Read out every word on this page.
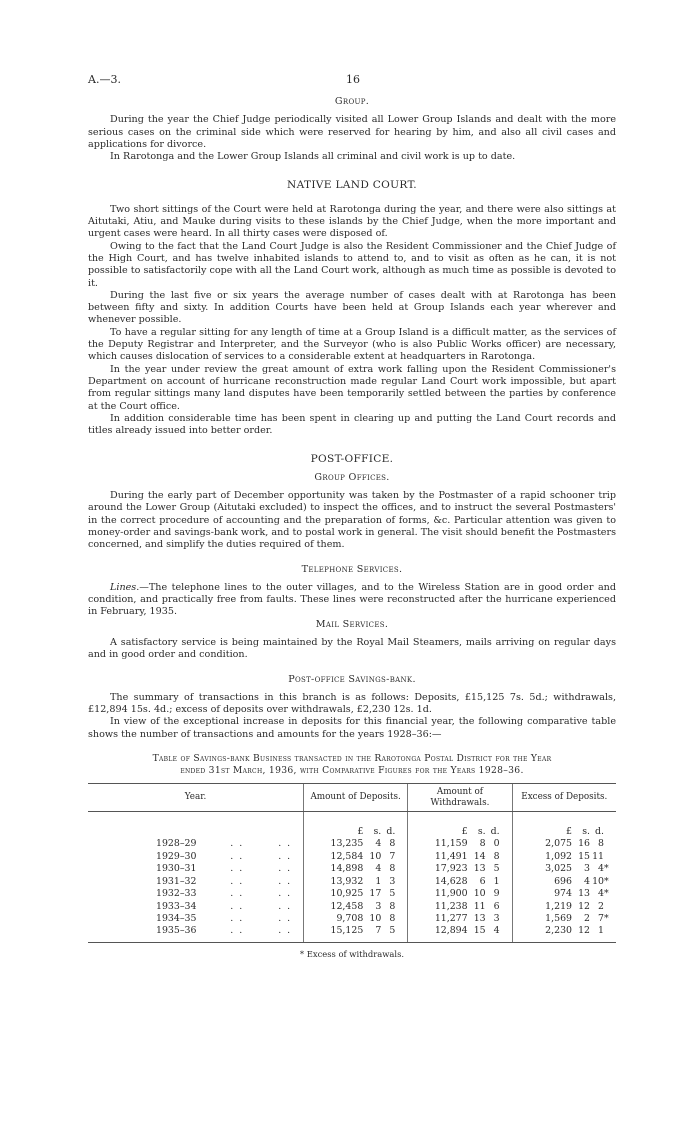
A.—3.	16
Group.

During the year the Chief Judge periodically visited all Lower Group Islands and dealt with the more serious cases on the criminal side which were reserved for hearing by him, and also all civil cases and applications for divorce.

In Rarotonga and the Lower Group Islands all criminal and civil work is up to date.

NATIVE LAND COURT.

Two short sittings of the Court were held at Rarotonga during the year, and there were also sittings at Aitutaki, Atiu, and Mauke during visits to these islands by the Chief Judge, when the more important and urgent cases were heard. In all thirty cases were disposed of.

Owing to the fact that the Land Court Judge is also the Resident Commissioner and the Chief Judge of the High Court, and has twelve inhabited islands to attend to, and to visit as often as he can, it is not possible to satisfactorily cope with all the Land Court work, although as much time as possible is devoted to it.

During the last five or six years the average number of cases dealt with at Rarotonga has been between fifty and sixty. In addition Courts have been held at Group Islands each year wherever and whenever possible.

To have a regular sitting for any length of time at a Group Island is a difficult matter, as the services of the Deputy Registrar and Interpreter, and the Surveyor (who is also Public Works officer) are necessary, which causes dislocation of services to a considerable extent at headquarters in Rarotonga.

In the year under review the great amount of extra work falling upon the Resident Commissioner's Department on account of hurricane reconstruction made regular Land Court work impossible, but apart from regular sittings many land disputes have been temporarily settled between the parties by conference at the Court office.

In addition considerable time has been spent in clearing up and putting the Land Court records and titles already issued into better order.

POST-OFFICE.
Group Offices.

During the early part of December opportunity was taken by the Postmaster of a rapid schooner trip around the Lower Group (Aitutaki excluded) to inspect the offices, and to instruct the several Postmasters' in the correct procedure of accounting and the preparation of forms, &c. Particular attention was given to money-order and savings-bank work, and to postal work in general. The visit should benefit the Postmasters concerned, and simplify the duties required of them.

Telephone Services.

Lines.—The telephone lines to the outer villages, and to the Wireless Station are in good order and condition, and practically free from faults. These lines were reconstructed after the hurricane experienced in February, 1935.

Mail Services.

A satisfactory service is being maintained by the Royal Mail Steamers, mails arriving on regular days and in good order and condition.

Post-office Savings-bank.

The summary of transactions in this branch is as follows: Deposits, £15,125 7s. 5d.; withdrawals, £12,894 15s. 4d.; excess of deposits over withdrawals, £2,230 12s. 1d.

In view of the exceptional increase in deposits for this financial year, the following comparative table shows the number of transactions and amounts for the years 1928–36:—

Table of Savings-bank Business transacted in the Rarotonga Postal District for the Year
ended 31st March, 1936, with Comparative Figures for the Years 1928–36.
Year.		Amount of Deposits.	Amount of Withdrawals.	Excess of Deposits.

		£ s. d.	£ s. d.	£ s. d.
1928–29	.. ..	13,235 4 8	11,159 8 0	2,075 16 8
1929–30	.. ..	12,584 10 7	11,491 14 8	1,092 15 11
1930–31	.. ..	14,898 4 8	17,923 13 5	3,025 3 4*
1931–32	.. ..	13,932 1 3	14,628 6 1	696 4 10*
1932–33	.. ..	10,925 17 5	11,900 10 9	974 13 4*
1933–34	.. ..	12,458 3 8	11,238 11 6	1,219 12 2
1934–35	.. ..	9,708 10 8	11,277 13 3	1,569 2 7*
1935–36	.. ..	15,125 7 5	12,894 15 4	2,230 12 1
* Excess of withdrawals.
